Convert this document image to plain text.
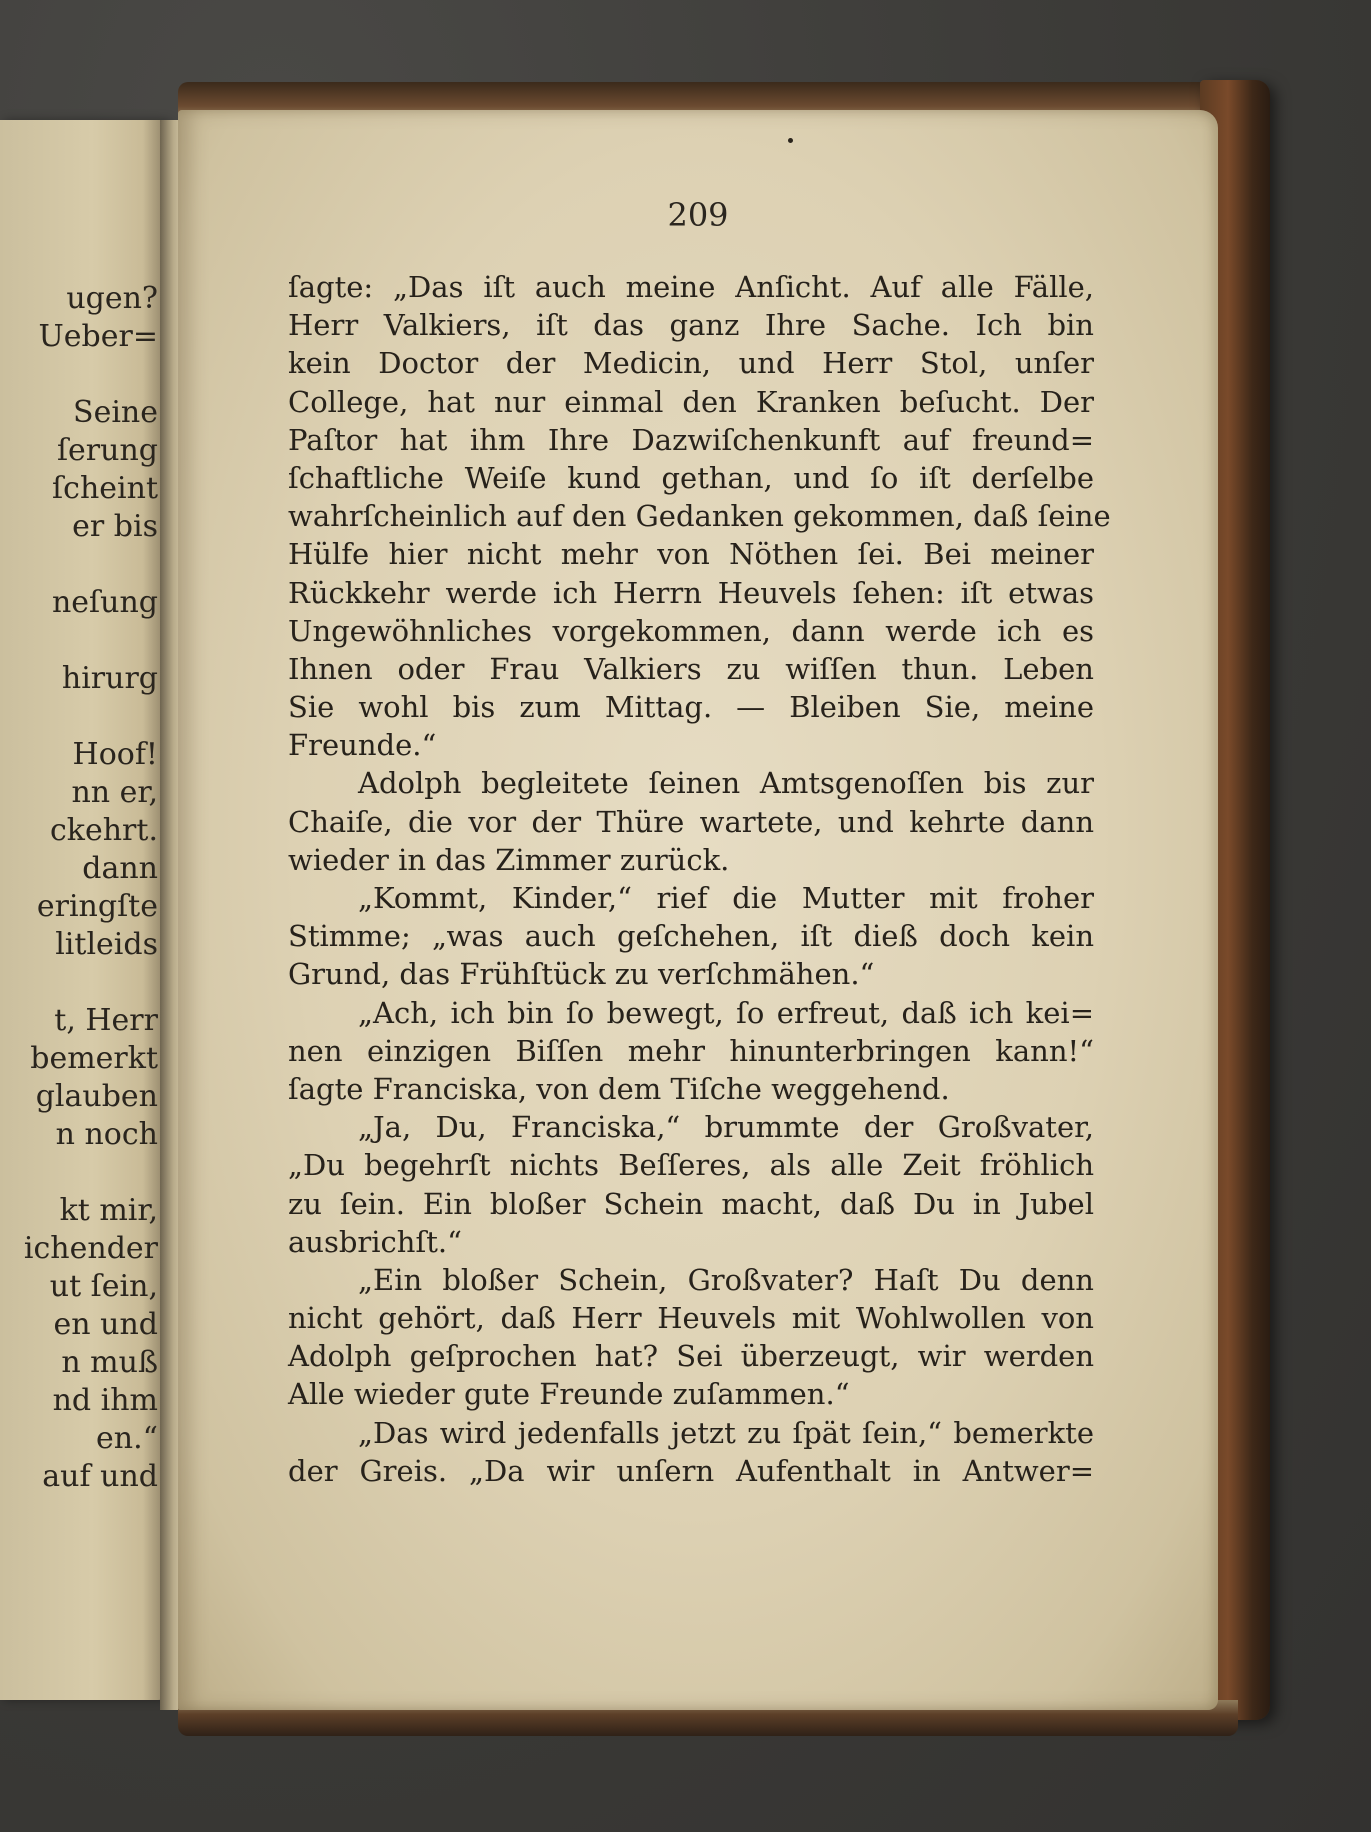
ugen?
Ueber=
Seine
ſerung
ſcheint
er bis
neſung
hirurg
Hoof!
nn er,
ckehrt.
dann
eringſte
litleids
t, Herr
bemerkt
glauben
n noch
kt mir,
ichender
ut ſein,
en und
n muß
nd ihm
en.“
auf und
209
ſagte: „Das iſt auch meine Anſicht. Auf alle Fälle,
Herr Valkiers, iſt das ganz Ihre Sache. Ich bin
kein Doctor der Medicin, und Herr Stol, unſer
College, hat nur einmal den Kranken beſucht. Der
Paſtor hat ihm Ihre Dazwiſchenkunft auf freund=
ſchaftliche Weiſe kund gethan, und ſo iſt derſelbe
wahrſcheinlich auf den Gedanken gekommen, daß ſeine
Hülfe hier nicht mehr von Nöthen ſei. Bei meiner
Rückkehr werde ich Herrn Heuvels ſehen: iſt etwas
Ungewöhnliches vorgekommen, dann werde ich es
Ihnen oder Frau Valkiers zu wiſſen thun. Leben
Sie wohl bis zum Mittag. — Bleiben Sie, meine
Freunde.“
Adolph begleitete ſeinen Amtsgenoſſen bis zur
Chaiſe, die vor der Thüre wartete, und kehrte dann
wieder in das Zimmer zurück.
„Kommt, Kinder,“ rief die Mutter mit froher
Stimme; „was auch geſchehen, iſt dieß doch kein
Grund, das Frühſtück zu verſchmähen.“
„Ach, ich bin ſo bewegt, ſo erfreut, daß ich kei=
nen einzigen Biſſen mehr hinunterbringen kann!“
ſagte Franciska, von dem Tiſche weggehend.
„Ja, Du, Franciska,“ brummte der Großvater,
„Du begehrſt nichts Beſſeres, als alle Zeit fröhlich
zu ſein. Ein bloßer Schein macht, daß Du in Jubel
ausbrichſt.“
„Ein bloßer Schein, Großvater? Haſt Du denn
nicht gehört, daß Herr Heuvels mit Wohlwollen von
Adolph geſprochen hat? Sei überzeugt, wir werden
Alle wieder gute Freunde zuſammen.“
„Das wird jedenfalls jetzt zu ſpät ſein,“ bemerkte
der Greis. „Da wir unſern Aufenthalt in Antwer=
